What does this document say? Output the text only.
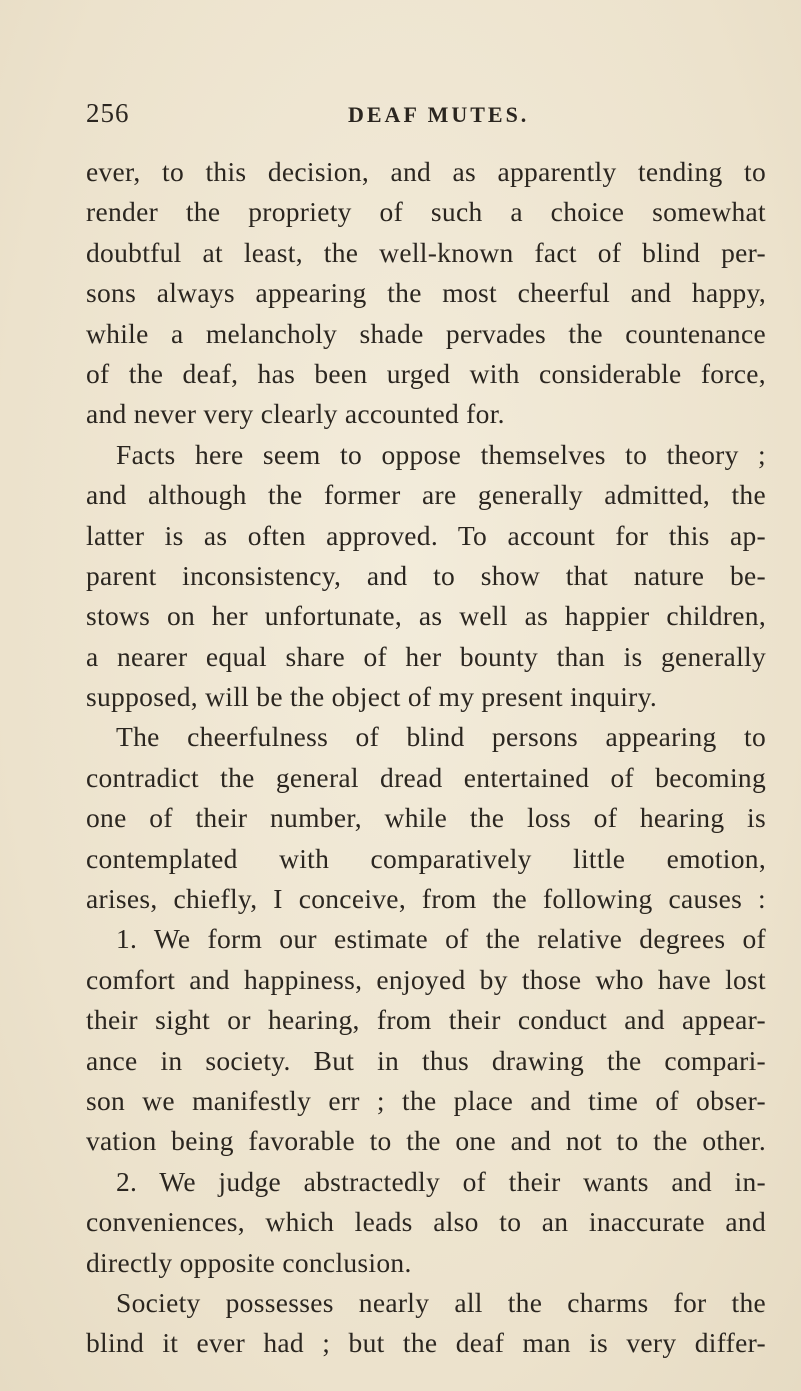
256	DEAF MUTES.
ever, to this decision, and as apparently tending to
render the propriety of such a choice somewhat
doubtful at least, the well-known fact of blind per-
sons always appearing the most cheerful and happy,
while a melancholy shade pervades the countenance
of the deaf, has been urged with considerable force,
and never very clearly accounted for.
Facts here seem to oppose themselves to theory ;
and although the former are generally admitted, the
latter is as often approved. To account for this ap-
parent inconsistency, and to show that nature be-
stows on her unfortunate, as well as happier children,
a nearer equal share of her bounty than is generally
supposed, will be the object of my present inquiry.
The cheerfulness of blind persons appearing to
contradict the general dread entertained of becoming
one of their number, while the loss of hearing is
contemplated with comparatively little emotion,
arises, chiefly, I conceive, from the following causes :
1. We form our estimate of the relative degrees of
comfort and happiness, enjoyed by those who have lost
their sight or hearing, from their conduct and appear-
ance in society. But in thus drawing the compari-
son we manifestly err ; the place and time of obser-
vation being favorable to the one and not to the other.
2. We judge abstractedly of their wants and in-
conveniences, which leads also to an inaccurate and
directly opposite conclusion.
Society possesses nearly all the charms for the
blind it ever had ; but the deaf man is very differ-
